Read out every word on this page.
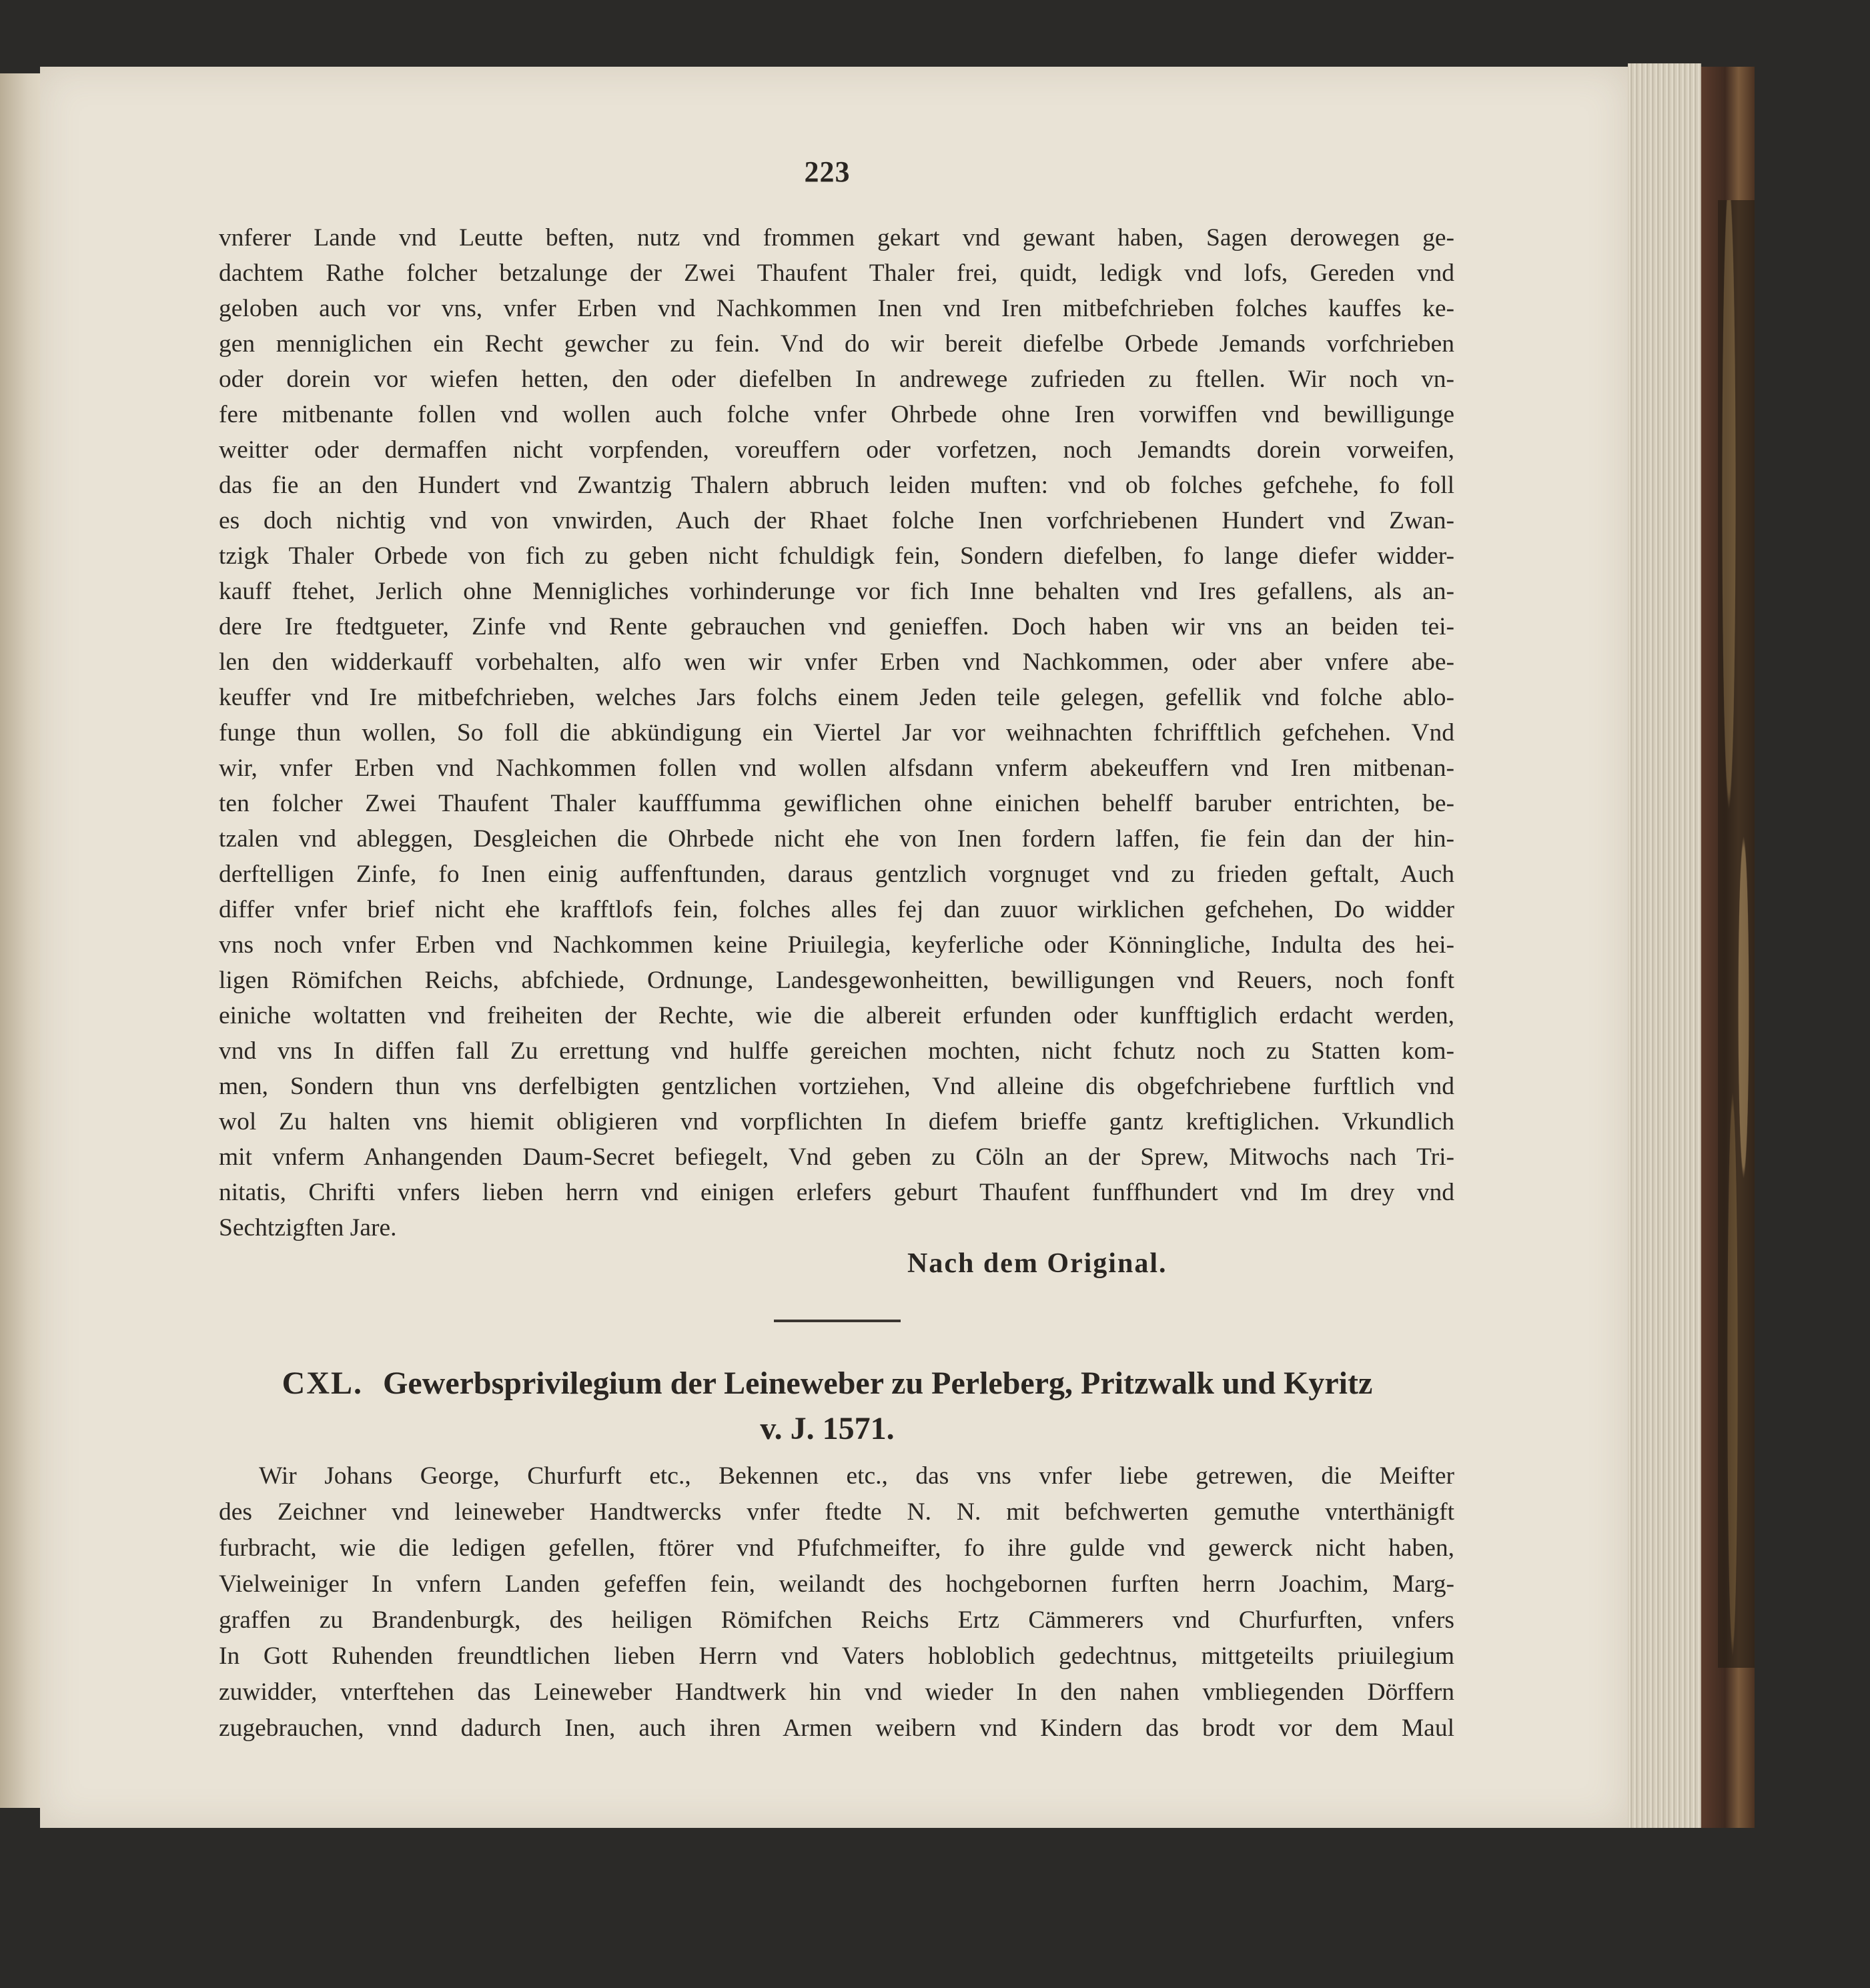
223
vnferer Lande vnd Leutte beften, nutz vnd frommen gekart vnd gewant haben, Sagen derowegen ge-
dachtem Rathe folcher betzalunge der Zwei Thaufent Thaler frei, quidt, ledigk vnd lofs, Gereden vnd
geloben auch vor vns, vnfer Erben vnd Nachkommen Inen vnd Iren mitbefchrieben folches kauffes ke-
gen menniglichen ein Recht gewcher zu fein. Vnd do wir bereit diefelbe Orbede Jemands vorfchrieben
oder dorein vor wiefen hetten, den oder diefelben In andrewege zufrieden zu ftellen. Wir noch vn-
fere mitbenante follen vnd wollen auch folche vnfer Ohrbede ohne Iren vorwiffen vnd bewilligunge
weitter oder dermaffen nicht vorpfenden, voreuffern oder vorfetzen, noch Jemandts dorein vorweifen,
das fie an den Hundert vnd Zwantzig Thalern abbruch leiden muften: vnd ob folches gefchehe, fo foll
es doch nichtig vnd von vnwirden, Auch der Rhaet folche Inen vorfchriebenen Hundert vnd Zwan-
tzigk Thaler Orbede von fich zu geben nicht fchuldigk fein, Sondern diefelben, fo lange diefer widder-
kauff ftehet, Jerlich ohne Mennigliches vorhinderunge vor fich Inne behalten vnd Ires gefallens, als an-
dere Ire ftedtgueter, Zinfe vnd Rente gebrauchen vnd genieffen. Doch haben wir vns an beiden tei-
len den widderkauff vorbehalten, alfo wen wir vnfer Erben vnd Nachkommen, oder aber vnfere abe-
keuffer vnd Ire mitbefchrieben, welches Jars folchs einem Jeden teile gelegen, gefellik vnd folche ablo-
funge thun wollen, So foll die abkündigung ein Viertel Jar vor weihnachten fchrifftlich gefchehen. Vnd
wir, vnfer Erben vnd Nachkommen follen vnd wollen alfsdann vnferm abekeuffern vnd Iren mitbenan-
ten folcher Zwei Thaufent Thaler kaufffumma gewiflichen ohne einichen behelff baruber entrichten, be-
tzalen vnd ableggen, Desgleichen die Ohrbede nicht ehe von Inen fordern laffen, fie fein dan der hin-
derftelligen Zinfe, fo Inen einig auffenftunden, daraus gentzlich vorgnuget vnd zu frieden geftalt, Auch
differ vnfer brief nicht ehe krafftlofs fein, folches alles fej dan zuuor wirklichen gefchehen, Do widder
vns noch vnfer Erben vnd Nachkommen keine Priuilegia, keyferliche oder Könningliche, Indulta des hei-
ligen Römifchen Reichs, abfchiede, Ordnunge, Landesgewonheitten, bewilligungen vnd Reuers, noch fonft
einiche woltatten vnd freiheiten der Rechte, wie die albereit erfunden oder kunfftiglich erdacht werden,
vnd vns In diffen fall Zu errettung vnd hulffe gereichen mochten, nicht fchutz noch zu Statten kom-
men, Sondern thun vns derfelbigten gentzlichen vortziehen, Vnd alleine dis obgefchriebene furftlich vnd
wol Zu halten vns hiemit obligieren vnd vorpflichten In diefem brieffe gantz kreftiglichen. Vrkundlich
mit vnferm Anhangenden Daum-Secret befiegelt, Vnd geben zu Cöln an der Sprew, Mitwochs nach Tri-
nitatis, Chrifti vnfers lieben herrn vnd einigen erlefers geburt Thaufent funffhundert vnd Im drey vnd
Sechtzigften Jare.
Nach dem Original.
CXL. Gewerbsprivilegium der Leineweber zu Perleberg, Pritzwalk und Kyritz
v. J. 1571.
Wir Johans George, Churfurft etc., Bekennen etc., das vns vnfer liebe getrewen, die Meifter
des Zeichner vnd leineweber Handtwercks vnfer ftedte N. N. mit befchwerten gemuthe vnterthänigft
furbracht, wie die ledigen gefellen, ftörer vnd Pfufchmeifter, fo ihre gulde vnd gewerck nicht haben,
Vielweiniger In vnfern Landen gefeffen fein, weilandt des hochgebornen furften herrn Joachim, Marg-
graffen zu Brandenburgk, des heiligen Römifchen Reichs Ertz Cämmerers vnd Churfurften, vnfers
In Gott Ruhenden freundtlichen lieben Herrn vnd Vaters hobloblich gedechtnus, mittgeteilts priuilegium
zuwidder, vnterftehen das Leineweber Handtwerk hin vnd wieder In den nahen vmbliegenden Dörffern
zugebrauchen, vnnd dadurch Inen, auch ihren Armen weibern vnd Kindern das brodt vor dem Maul
